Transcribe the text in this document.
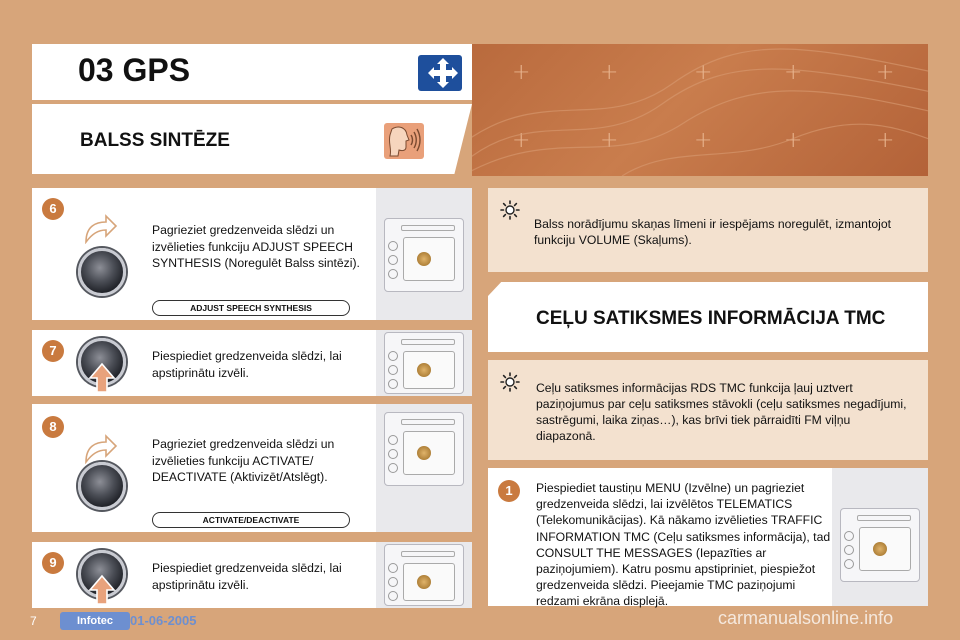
03 GPS	+	+	+	+	+
+	+	+	+	+
BALSS SINTĒZE
6
Pagrieziet gredzenveida slēdzi un izvēlieties funkciju ADJUST SPEECH SYNTHESIS (Noregulēt Balss sintēzi).
ADJUST SPEECH SYNTHESIS
7	Piespiediet gredzenveida slēdzi, lai apstiprinātu izvēli.
8
Pagrieziet gredzenveida slēdzi un izvēlieties funkciju ACTIVATE/ DEACTIVATE (Aktivizēt/Atslēgt).
ACTIVATE/DEACTIVATE
9	Piespiediet gredzenveida slēdzi, lai apstiprinātu izvēli.
Balss norādījumu skaņas līmeni ir iespējams noregulēt, izmantojot funkciju VOLUME (Skaļums).
CEĻU SATIKSMES INFORMĀCIJA TMC
Ceļu satiksmes informācijas RDS TMC funkcija ļauj uztvert paziņojumus par ceļu satiksmes stāvokli (ceļu satiksmes negadījumi, sastrēgumi, laika ziņas…), kas brīvi tiek pārraidīti FM viļņu diapazonā.
1	Piespiediet taustiņu MENU (Izvēlne) un pagrieziet gredzenveida slēdzi, lai izvēlētos TELEMATICS (Telekomunikācijas). Kā nākamo izvēlieties TRAFFIC INFORMATION TMC (Ceļu satiksmes informācija), tad CONSULT THE MESSAGES (Iepazīties ar paziņojumiem). Katru posmu apstipriniet, piespiežot gredzenveida slēdzi. Pieejamie TMC paziņojumi redzami ekrāna displejā.
7	Infotec	01-06-2005	carmanualsonline.info
